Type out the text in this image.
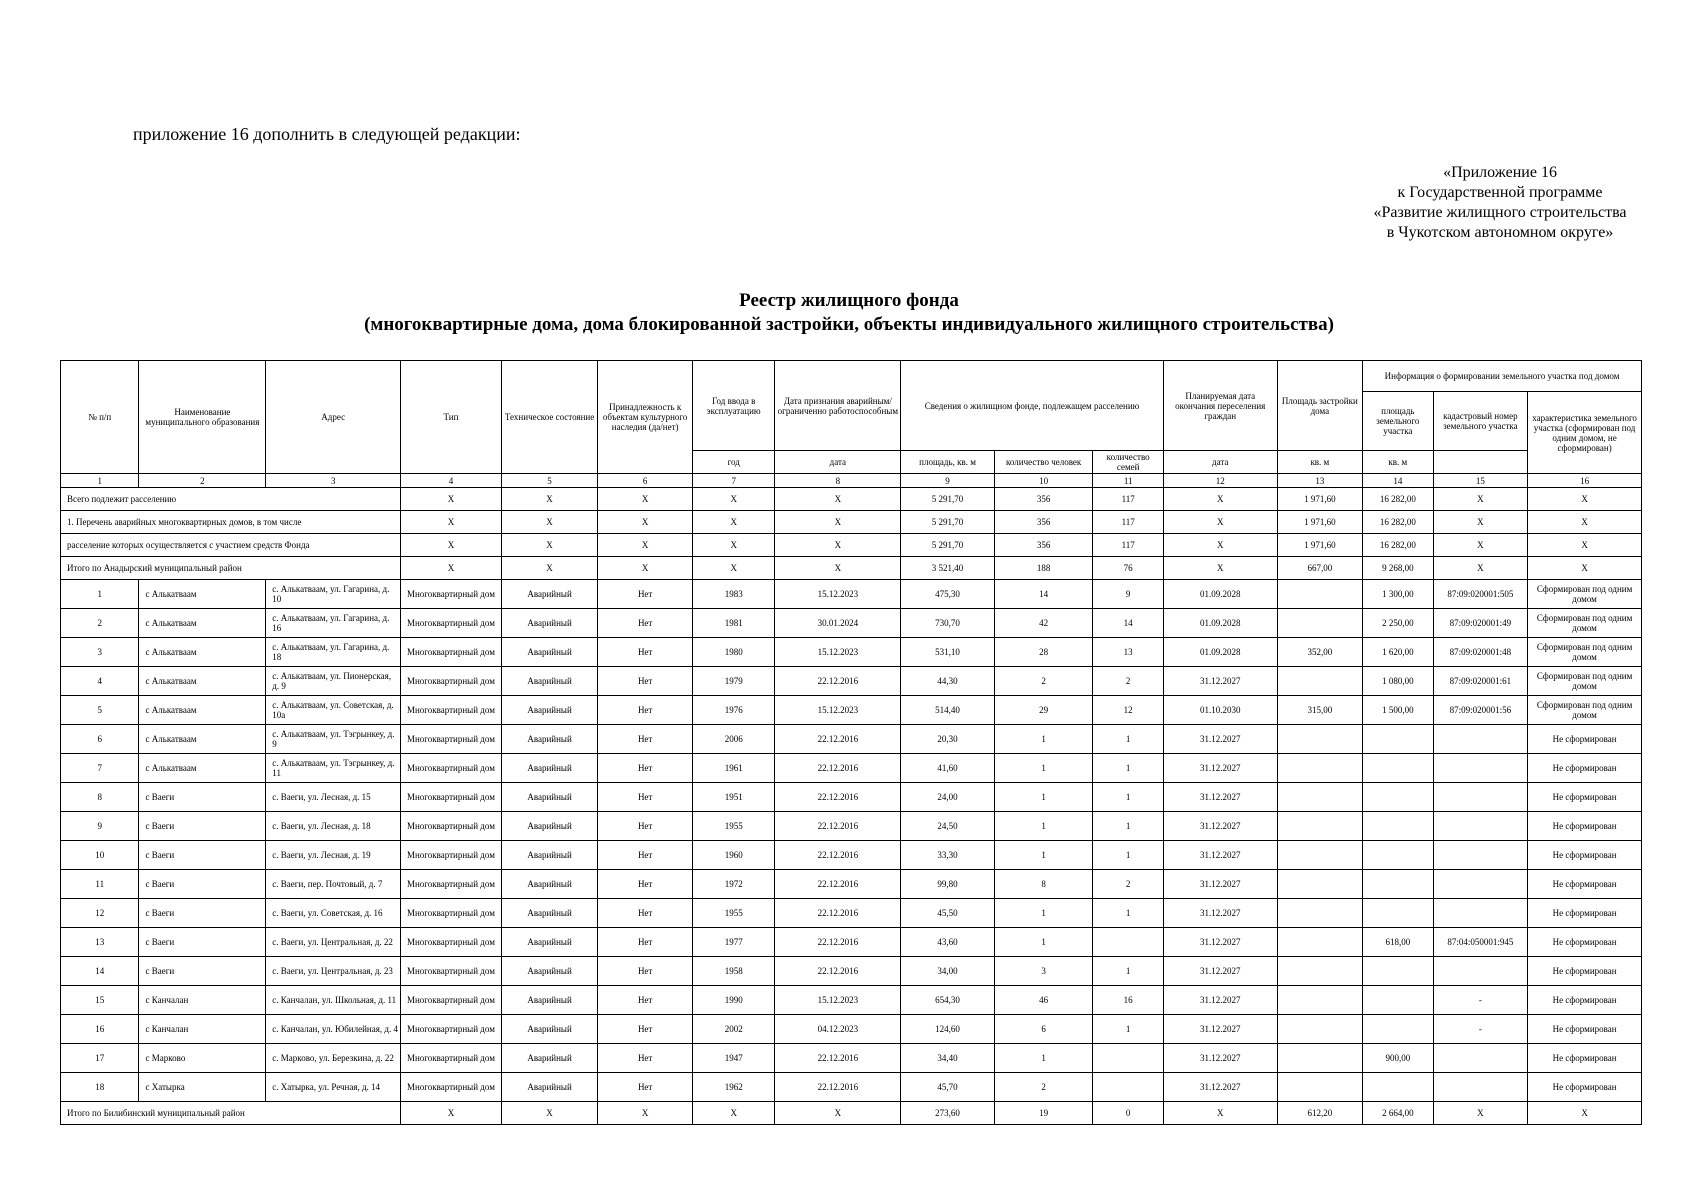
приложение 16 дополнить в следующей редакции:
«Приложение 16
к Государственной программе
«Развитие жилищного строительства
в Чукотском автономном округе»
Реестр жилищного фонда
(многоквартирные дома, дома блокированной застройки, объекты индивидуального жилищного строительства)
№ п/п	Наименование муниципального образования	Адрес	Тип	Техническое состояние	Принадлежность к объектам культурного наследия (да/нет)	Год ввода в эксплуатацию	Дата признания аварийным/ограниченно работоспособным	Сведения о жилищном фонде, подлежащем расселению			Планируемая дата окончания переселения граждан	Площадь застройки дома	Информация о формировании земельного участка под домом		
													площадь земельного участка	кадастровый номер земельного участка	характеристика земельного участка (сформирован под одним домом, не сформирован)
						год	дата	площадь, кв. м	количество человек	количество семей	дата	кв. м	кв. м		
1	2	3	4	5	6	7	8	9	10	11	12	13	14	15	16
Всего подлежит расселению			X	X	X	X	X	5 291,70	356	117	X	1 971,60	16 282,00	X	X
1. Перечень аварийных многоквартирных домов, в том числе			X	X	X	X	X	5 291,70	356	117	X	1 971,60	16 282,00	X	X
расселение которых осуществляется с участием средств Фонда			X	X	X	X	X	5 291,70	356	117	X	1 971,60	16 282,00	X	X
Итого по Анадырский муниципальный район			X	X	X	X	X	3 521,40	188	76	X	667,00	9 268,00	X	X
1	с Алькатваам	с. Алькатваам, ул. Гагарина, д. 10	Многоквартирный дом	Аварийный	Нет	1983	15.12.2023	475,30	14	9	01.09.2028		1 300,00	87:09:020001:505	Сформирован под одним домом
2	с Алькатваам	с. Алькатваам, ул. Гагарина, д. 16	Многоквартирный дом	Аварийный	Нет	1981	30.01.2024	730,70	42	14	01.09.2028		2 250,00	87:09:020001:49	Сформирован под одним домом
3	с Алькатваам	с. Алькатваам, ул. Гагарина, д. 18	Многоквартирный дом	Аварийный	Нет	1980	15.12.2023	531,10	28	13	01.09.2028	352,00	1 620,00	87:09:020001:48	Сформирован под одним домом
4	с Алькатваам	с. Алькатваам, ул. Пионерская, д. 9	Многоквартирный дом	Аварийный	Нет	1979	22.12.2016	44,30	2	2	31.12.2027		1 080,00	87:09:020001:61	Сформирован под одним домом
5	с Алькатваам	с. Алькатваам, ул. Советская, д. 10а	Многоквартирный дом	Аварийный	Нет	1976	15.12.2023	514,40	29	12	01.10.2030	315,00	1 500,00	87:09:020001:56	Сформирован под одним домом
6	с Алькатваам	с. Алькатваам, ул. Тэгрынкеу, д. 9	Многоквартирный дом	Аварийный	Нет	2006	22.12.2016	20,30	1	1	31.12.2027				Не сформирован
7	с Алькатваам	с. Алькатваам, ул. Тэгрынкеу, д. 11	Многоквартирный дом	Аварийный	Нет	1961	22.12.2016	41,60	1	1	31.12.2027				Не сформирован
8	с Ваеги	с. Ваеги, ул. Лесная, д. 15	Многоквартирный дом	Аварийный	Нет	1951	22.12.2016	24,00	1	1	31.12.2027				Не сформирован
9	с Ваеги	с. Ваеги, ул. Лесная, д. 18	Многоквартирный дом	Аварийный	Нет	1955	22.12.2016	24,50	1	1	31.12.2027				Не сформирован
10	с Ваеги	с. Ваеги, ул. Лесная, д. 19	Многоквартирный дом	Аварийный	Нет	1960	22.12.2016	33,30	1	1	31.12.2027				Не сформирован
11	с Ваеги	с. Ваеги, пер. Почтовый, д. 7	Многоквартирный дом	Аварийный	Нет	1972	22.12.2016	99,80	8	2	31.12.2027				Не сформирован
12	с Ваеги	с. Ваеги, ул. Советская, д. 16	Многоквартирный дом	Аварийный	Нет	1955	22.12.2016	45,50	1	1	31.12.2027				Не сформирован
13	с Ваеги	с. Ваеги, ул. Центральная, д. 22	Многоквартирный дом	Аварийный	Нет	1977	22.12.2016	43,60	1		31.12.2027		618,00	87:04:050001:945	Не сформирован
14	с Ваеги	с. Ваеги, ул. Центральная, д. 23	Многоквартирный дом	Аварийный	Нет	1958	22.12.2016	34,00	3	1	31.12.2027				Не сформирован
15	с Канчалан	с. Канчалан, ул. Школьная, д. 11	Многоквартирный дом	Аварийный	Нет	1990	15.12.2023	654,30	46	16	31.12.2027			-	Не сформирован
16	с Канчалан	с. Канчалан, ул. Юбилейная, д. 4	Многоквартирный дом	Аварийный	Нет	2002	04.12.2023	124,60	6	1	31.12.2027			-	Не сформирован
17	с Марково	с. Марково, ул. Березкина, д. 22	Многоквартирный дом	Аварийный	Нет	1947	22.12.2016	34,40	1		31.12.2027		900,00		Не сформирован
18	с Хатырка	с. Хатырка, ул. Речная, д. 14	Многоквартирный дом	Аварийный	Нет	1962	22.12.2016	45,70	2		31.12.2027				Не сформирован
Итого по Билибинский муниципальный район			X	X	X	X	X	273,60	19	0	X	612,20	2 664,00	X	X
